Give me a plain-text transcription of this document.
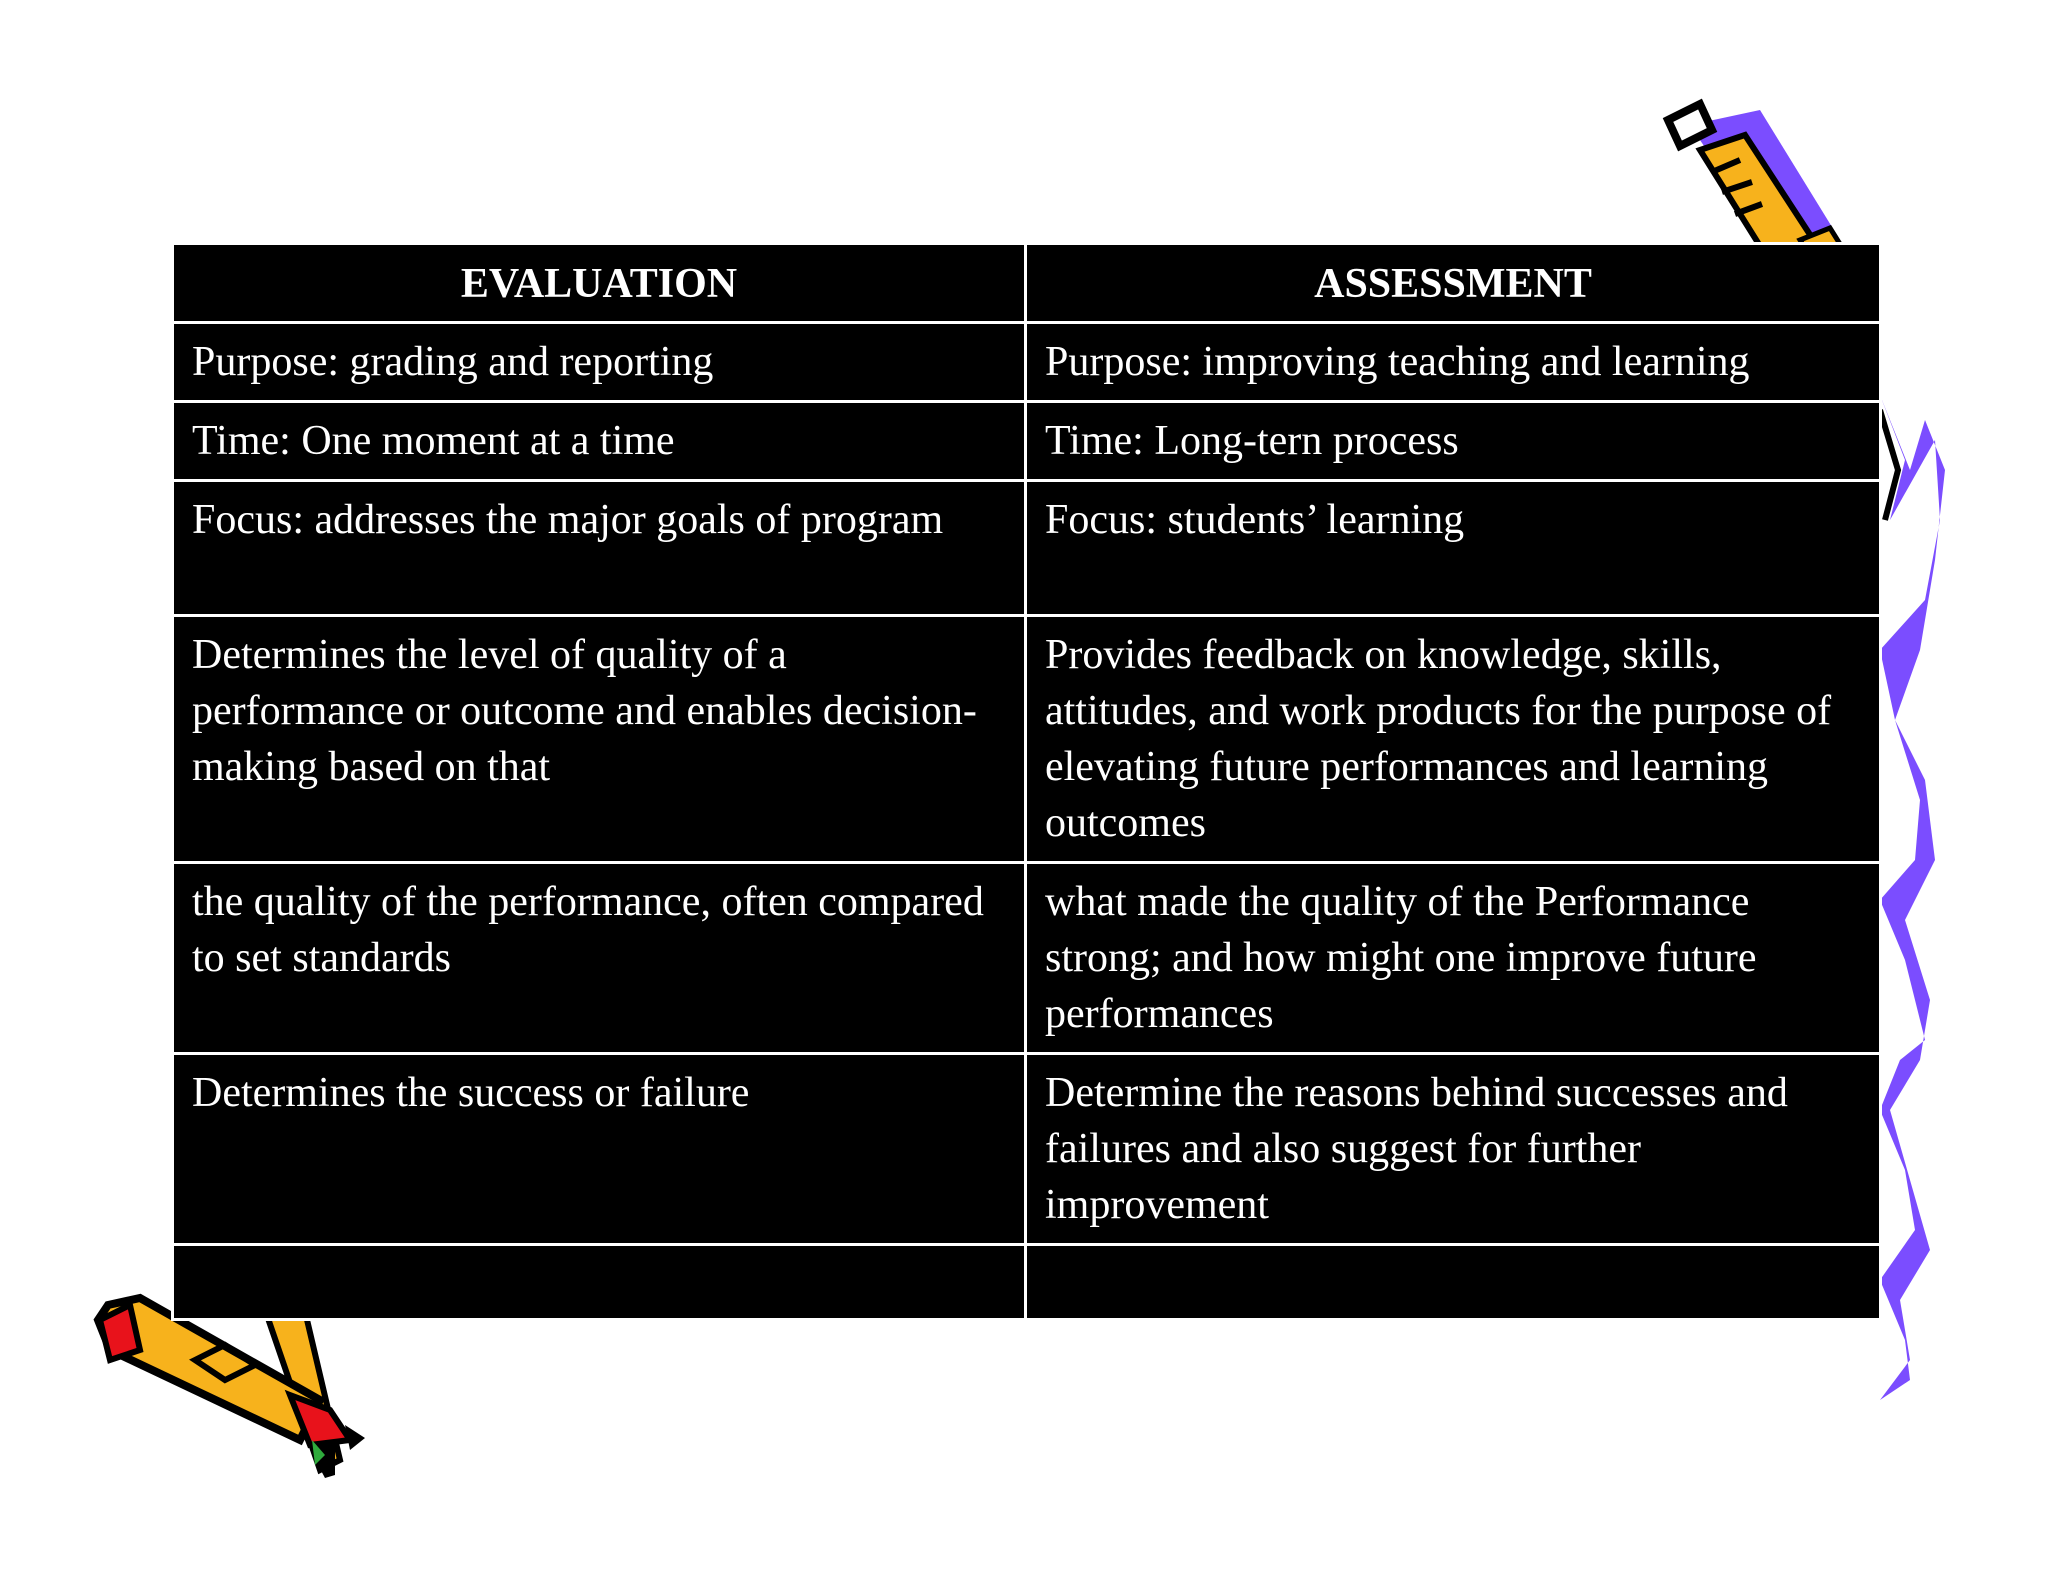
EVALUATION	ASSESSMENT
Purpose: grading and reporting	Purpose: improving teaching and learning
Time: One moment at a time	Time: Long-tern process
Focus: addresses the major goals of program	Focus: students’ learning
Determines the level of quality of a performance or outcome and enables decision-making based on that	Provides feedback on knowledge, skills, attitudes, and work products for the purpose of elevating future performances and learning outcomes
the quality of the performance, often compared to set standards	what made the quality of the Performance strong; and how might one improve future performances
Determines the success or failure	Determine the reasons behind successes and failures and also suggest for further improvement
